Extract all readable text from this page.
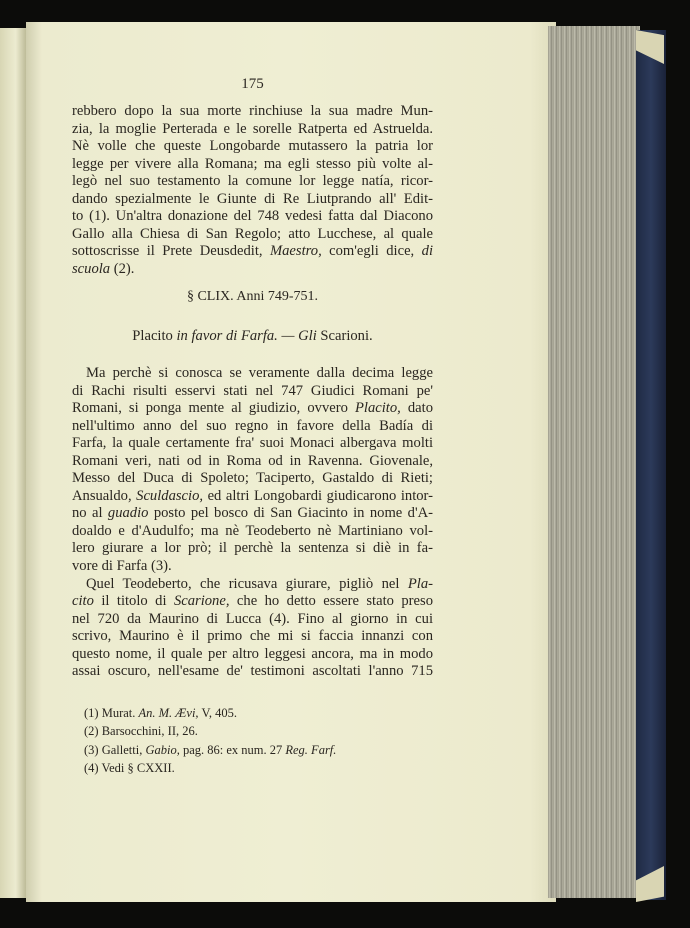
175
rebbero dopo la sua morte rinchiuse la sua madre Mun-
zia, la moglie Perterada e le sorelle Ratperta ed Astruelda.
Nè volle che queste Longobarde mutassero la patria lor
legge per vivere alla Romana; ma egli stesso più volte al-
legò nel suo testamento la comune lor legge natía, ricor-
dando spezialmente le Giunte di Re Liutprando all' Edit-
to (1). Un'altra donazione del 748 vedesi fatta dal Diacono
Gallo alla Chiesa di San Regolo; atto Lucchese, al quale
sottoscrisse il Prete Deusdedit, Maestro, com'egli dice, di
scuola (2).
§ CLIX. Anni 749-751.
Placito in favor di Farfa. — Gli Scarioni.
Ma perchè si conosca se veramente dalla decima legge
di Rachi risulti esservi stati nel 747 Giudici Romani pe'
Romani, si ponga mente al giudizio, ovvero Placito, dato
nell'ultimo anno del suo regno in favore della Badía di
Farfa, la quale certamente fra' suoi Monaci albergava molti
Romani veri, nati od in Roma od in Ravenna. Giovenale,
Messo del Duca di Spoleto; Taciperto, Gastaldo di Rieti;
Ansualdo, Sculdascio, ed altri Longobardi giudicarono intor-
no al guadio posto pel bosco di San Giacinto in nome d'A-
doaldo e d'Audulfo; ma nè Teodeberto nè Martiniano vol-
lero giurare a lor prò; il perchè la sentenza si diè in fa-
vore di Farfa (3).
Quel Teodeberto, che ricusava giurare, pigliò nel Pla-
cito il titolo di Scarione, che ho detto essere stato preso
nel 720 da Maurino di Lucca (4). Fino al giorno in cui
scrivo, Maurino è il primo che mi si faccia innanzi con
questo nome, il quale per altro leggesi ancora, ma in modo
assai oscuro, nell'esame de' testimoni ascoltati l'anno 715
(1) Murat. An. M. Ævi, V, 405.
(2) Barsocchini, II, 26.
(3) Galletti, Gabio, pag. 86: ex num. 27 Reg. Farf.
(4) Vedi § CXXII.
